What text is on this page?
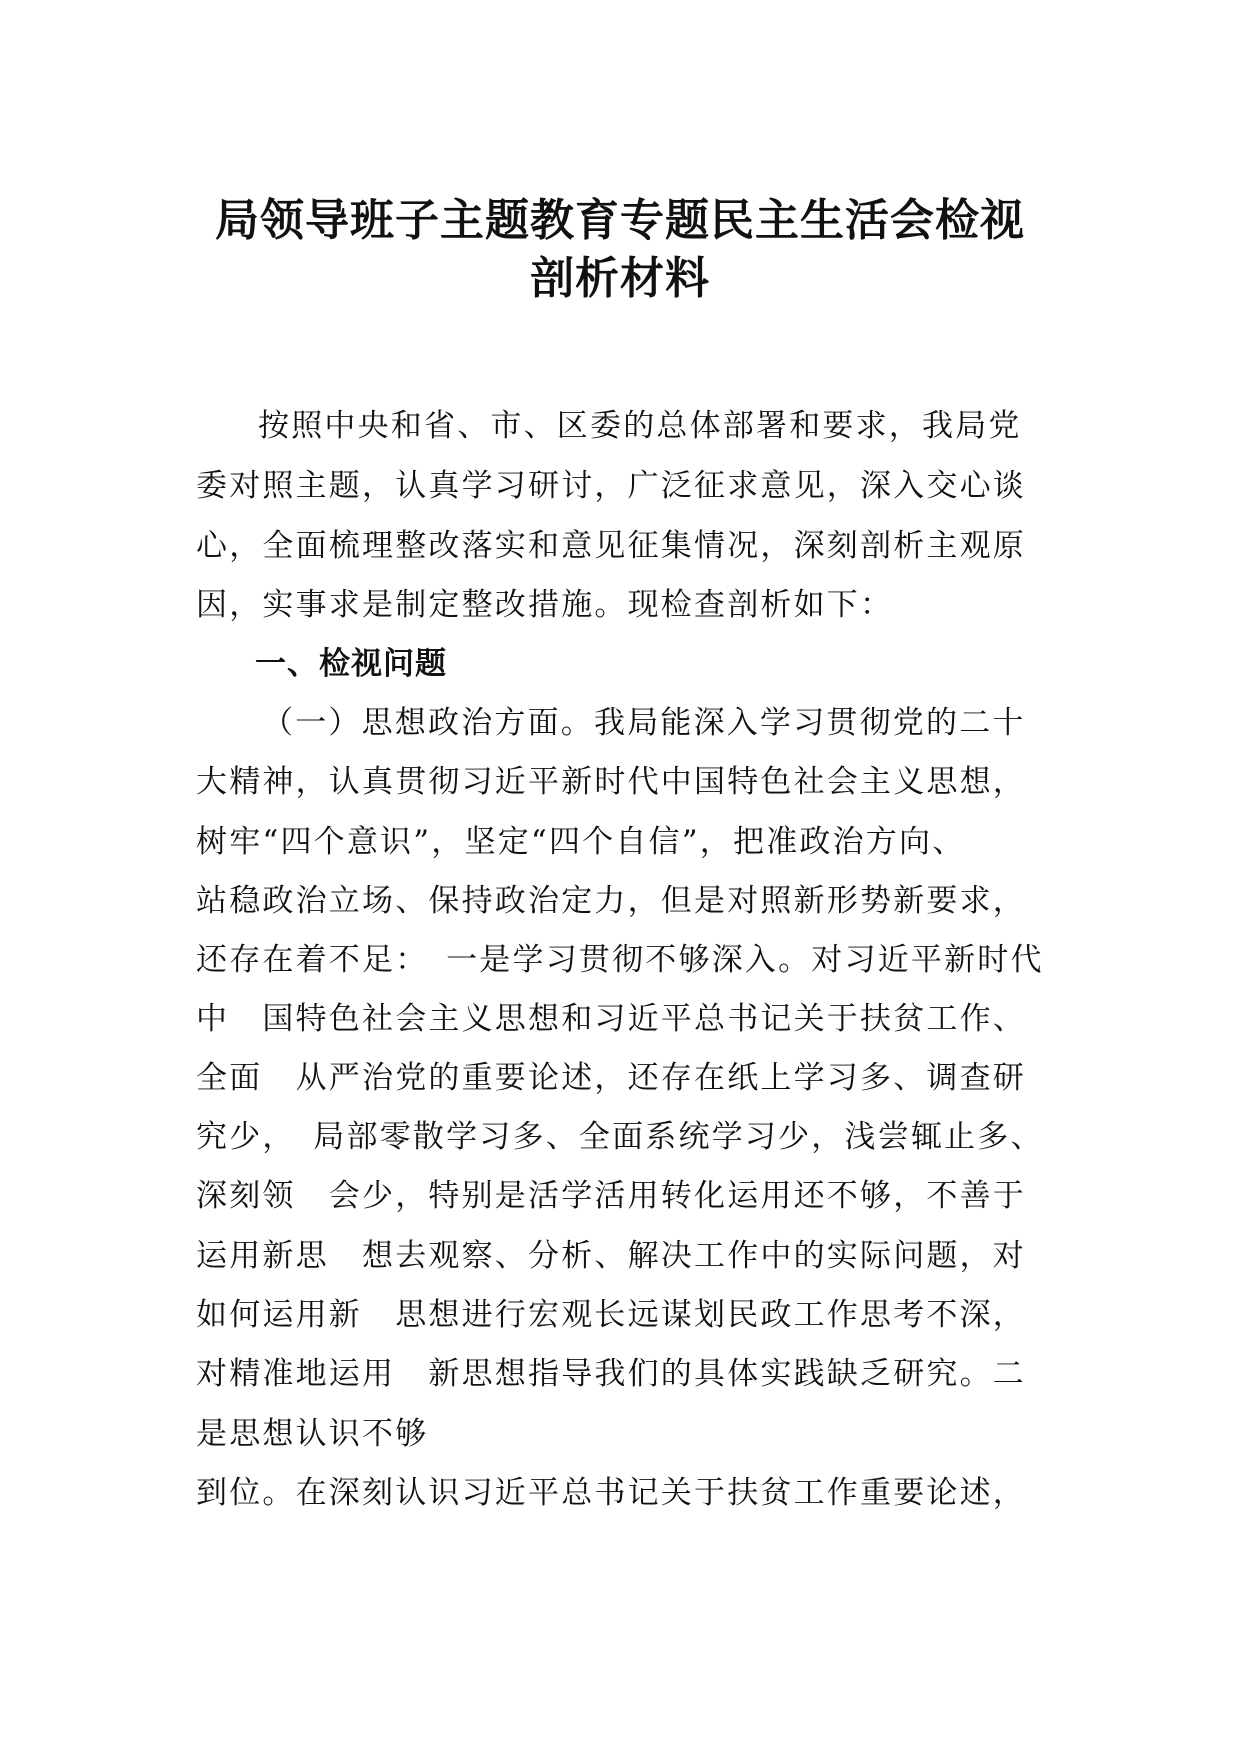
局领导班子主题教育专题民主生活会检视
剖析材料
按照中央和省、市、区委的总体部署和要求，我局党
委对照主题，认真学习研讨，广泛征求意见，深入交心谈
心，全面梳理整改落实和意见征集情况，深刻剖析主观原
因，实事求是制定整改措施。现检查剖析如下：
一、检视问题
（一）思想政治方面。我局能深入学习贯彻党的二十
大精神，认真贯彻习近平新时代中国特色社会主义思想，
树牢“四个意识”，坚定“四个自信”，把准政治方向、
站稳政治立场、保持政治定力，但是对照新形势新要求，
还存在着不足：　一是学习贯彻不够深入。对习近平新时代
中　国特色社会主义思想和习近平总书记关于扶贫工作、
全面　从严治党的重要论述，还存在纸上学习多、调查研
究少，　局部零散学习多、全面系统学习少，浅尝辄止多、
深刻领　会少，特别是活学活用转化运用还不够，不善于
运用新思　想去观察、分析、解决工作中的实际问题，对
如何运用新　思想进行宏观长远谋划民政工作思考不深，
对精准地运用　新思想指导我们的具体实践缺乏研究。二
是思想认识不够
到位。在深刻认识习近平总书记关于扶贫工作重要论述，
